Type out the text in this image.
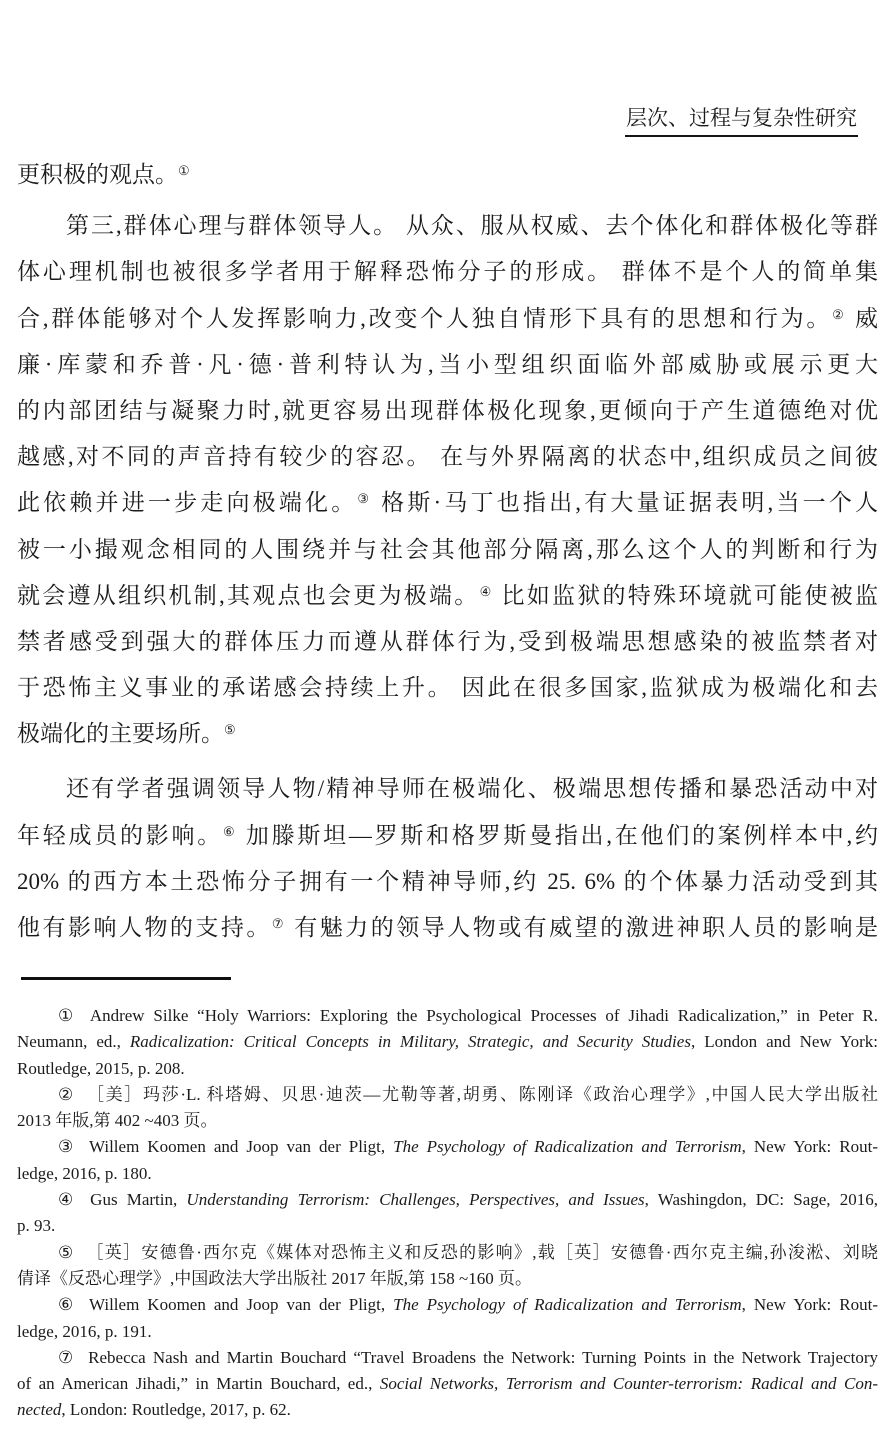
层次、过程与复杂性研究
更积极的观点。①
第三,群体心理与群体领导人。 从众、服从权威、去个体化和群体极化等群
体心理机制也被很多学者用于解释恐怖分子的形成。 群体不是个人的简单集
合,群体能够对个人发挥影响力,改变个人独自情形下具有的思想和行为。② 威
廉·库蒙和乔普·凡·德·普利特认为,当小型组织面临外部威胁或展示更大
的内部团结与凝聚力时,就更容易出现群体极化现象,更倾向于产生道德绝对优
越感,对不同的声音持有较少的容忍。 在与外界隔离的状态中,组织成员之间彼
此依赖并进一步走向极端化。③ 格斯·马丁也指出,有大量证据表明,当一个人
被一小撮观念相同的人围绕并与社会其他部分隔离,那么这个人的判断和行为
就会遵从组织机制,其观点也会更为极端。④ 比如监狱的特殊环境就可能使被监
禁者感受到强大的群体压力而遵从群体行为,受到极端思想感染的被监禁者对
于恐怖主义事业的承诺感会持续上升。 因此在很多国家,监狱成为极端化和去
极端化的主要场所。⑤
还有学者强调领导人物/精神导师在极端化、极端思想传播和暴恐活动中对
年轻成员的影响。⑥ 加滕斯坦—罗斯和格罗斯曼指出,在他们的案例样本中,约
20% 的西方本土恐怖分子拥有一个精神导师,约 25. 6% 的个体暴力活动受到其
他有影响人物的支持。⑦ 有魅力的领导人物或有威望的激进神职人员的影响是
① Andrew Silke “Holy Warriors: Exploring the Psychological Processes of Jihadi Radicalization,” in Peter R.
Neumann, ed., Radicalization: Critical Concepts in Military, Strategic, and Security Studies, London and New York:
Routledge, 2015, p. 208.
② ［美］玛莎·L. 科塔姆、贝思·迪茨—尤勒等著,胡勇、陈刚译《政治心理学》,中国人民大学出版社
2013 年版,第 402 ~403 页。
③ Willem Koomen and Joop van der Pligt, The Psychology of Radicalization and Terrorism, New York: Rout-
ledge, 2016, p. 180.
④ Gus Martin, Understanding Terrorism: Challenges, Perspectives, and Issues, Washingdon, DC: Sage, 2016,
p. 93.
⑤ ［英］安德鲁·西尔克《媒体对恐怖主义和反恐的影响》,载［英］安德鲁·西尔克主编,孙浚淞、刘晓
倩译《反恐心理学》,中国政法大学出版社 2017 年版,第 158 ~160 页。
⑥ Willem Koomen and Joop van der Pligt, The Psychology of Radicalization and Terrorism, New York: Rout-
ledge, 2016, p. 191.
⑦ Rebecca Nash and Martin Bouchard “Travel Broadens the Network: Turning Points in the Network Trajectory
of an American Jihadi,” in Martin Bouchard, ed., Social Networks, Terrorism and Counter-terrorism: Radical and Con-
nected, London: Routledge, 2017, p. 62.
